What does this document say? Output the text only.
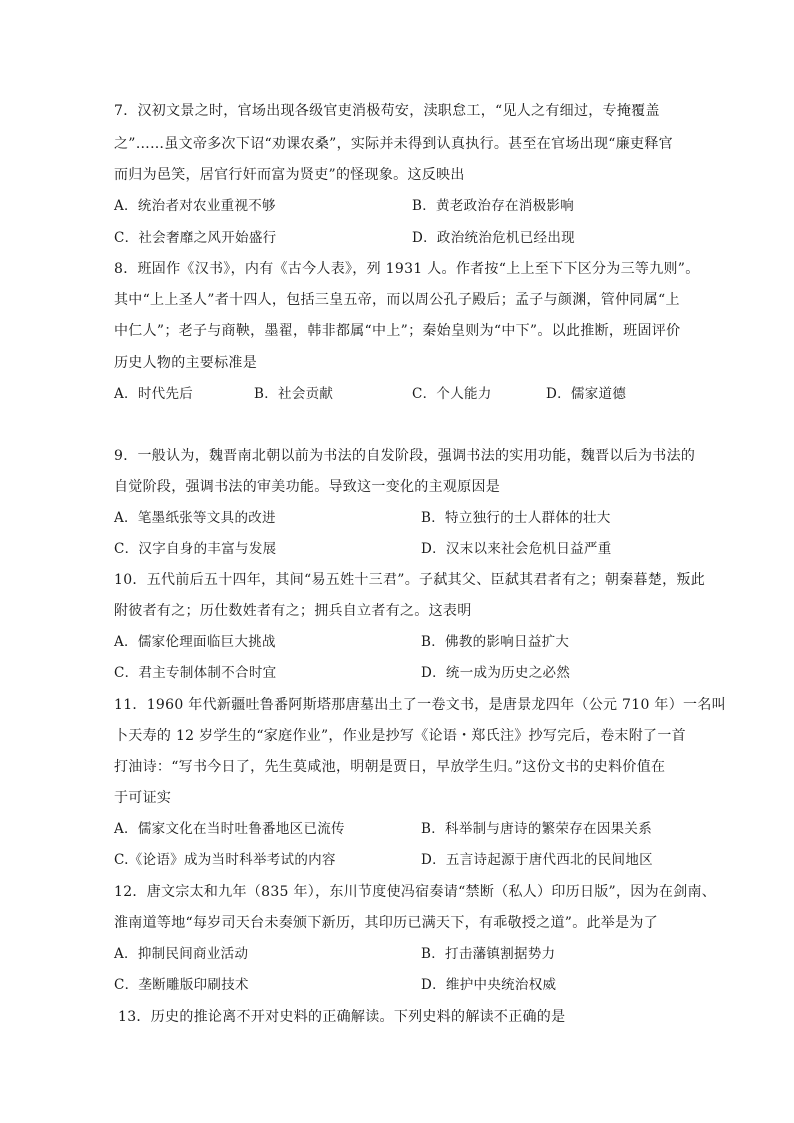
7．汉初文景之时，官场出现各级官吏消极苟安，渎职怠工，“见人之有细过，专掩覆盖
之”……虽文帝多次下诏“劝课农桑”，实际并未得到认真执行。甚至在官场出现“廉吏释官
而归为邑笑，居官行奸而富为贤吏”的怪现象。这反映出
A．统治者对农业重视不够	B．黄老政治存在消极影响
C．社会奢靡之风开始盛行	D．政治统治危机已经出现
8．班固作《汉书》，内有《古今人表》，列 1931 人。作者按“上上至下下区分为三等九则”。
其中“上上圣人”者十四人，包括三皇五帝，而以周公孔子殿后；孟子与颜渊，管仲同属“上
中仁人”；老子与商鞅，墨翟，韩非都属“中上”；秦始皇则为“中下”。以此推断，班固评价
历史人物的主要标准是
A．时代先后	B．社会贡献	C．个人能力	D．儒家道德
9．一般认为，魏晋南北朝以前为书法的自发阶段，强调书法的实用功能，魏晋以后为书法的
自觉阶段，强调书法的审美功能。导致这一变化的主观原因是
A．笔墨纸张等文具的改进	B．特立独行的士人群体的壮大
C．汉字自身的丰富与发展	D．汉末以来社会危机日益严重
10．五代前后五十四年，其间“易五姓十三君”。子弑其父、臣弑其君者有之；朝秦暮楚，叛此
附彼者有之；历仕数姓者有之；拥兵自立者有之。这表明
A．儒家伦理面临巨大挑战	B．佛教的影响日益扩大
C．君主专制体制不合时宜	D．统一成为历史之必然
11．1960 年代新疆吐鲁番阿斯塔那唐墓出土了一卷文书，是唐景龙四年（公元 710 年）一名叫
卜天寿的 12 岁学生的“家庭作业”，作业是抄写《论语・郑氏注》抄写完后，卷末附了一首
打油诗：“写书今日了，先生莫咸池，明朝是贾日，早放学生归。”这份文书的史料价值在
于可证实
A．儒家文化在当时吐鲁番地区已流传	B．科举制与唐诗的繁荣存在因果关系
C.《论语》成为当时科举考试的内容	D．五言诗起源于唐代西北的民间地区
12．唐文宗太和九年（835 年），东川节度使冯宿奏请“禁断（私人）印历日版”，因为在剑南、
淮南道等地“每岁司天台未奏颁下新历，其印历已满天下，有乖敬授之道”。此举是为了
A．抑制民间商业活动	B．打击藩镇割据势力
C．垄断雕版印刷技术	D．维护中央统治权威
13．历史的推论离不开对史料的正确解读。下列史料的解读不正确的是
